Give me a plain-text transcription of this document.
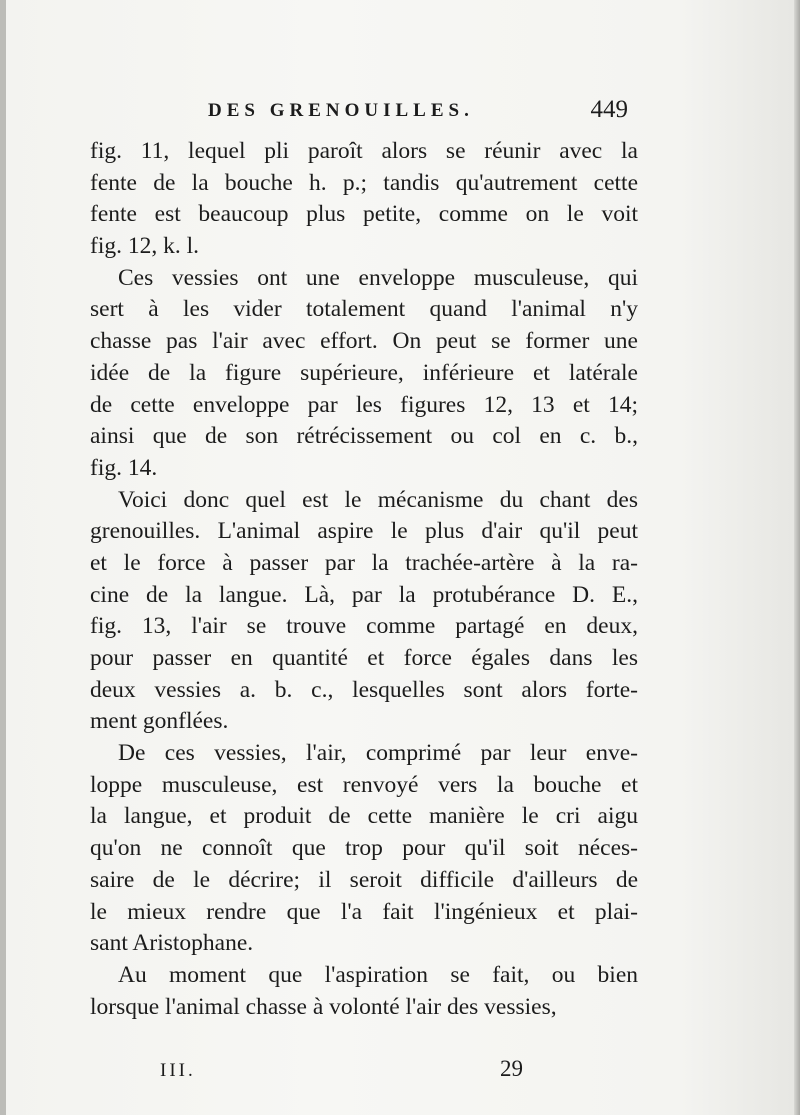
DES GRENOUILLES.	449
fig. 11, lequel pli paroît alors se réunir avec la
fente de la bouche h. p.; tandis qu'autrement cette
fente est beaucoup plus petite, comme on le voit
fig. 12, k. l.
Ces vessies ont une enveloppe musculeuse, qui
sert à les vider totalement quand l'animal n'y
chasse pas l'air avec effort. On peut se former une
idée de la figure supérieure, inférieure et latérale
de cette enveloppe par les figures 12, 13 et 14;
ainsi que de son rétrécissement ou col en c. b.,
fig. 14.
Voici donc quel est le mécanisme du chant des
grenouilles. L'animal aspire le plus d'air qu'il peut
et le force à passer par la trachée-artère à la ra-
cine de la langue. Là, par la protubérance D. E.,
fig. 13, l'air se trouve comme partagé en deux,
pour passer en quantité et force égales dans les
deux vessies a. b. c., lesquelles sont alors forte-
ment gonflées.
De ces vessies, l'air, comprimé par leur enve-
loppe musculeuse, est renvoyé vers la bouche et
la langue, et produit de cette manière le cri aigu
qu'on ne connoît que trop pour qu'il soit néces-
saire de le décrire; il seroit difficile d'ailleurs de
le mieux rendre que l'a fait l'ingénieux et plai-
sant Aristophane.
Au moment que l'aspiration se fait, ou bien
lorsque l'animal chasse à volonté l'air des vessies,
III.	29
